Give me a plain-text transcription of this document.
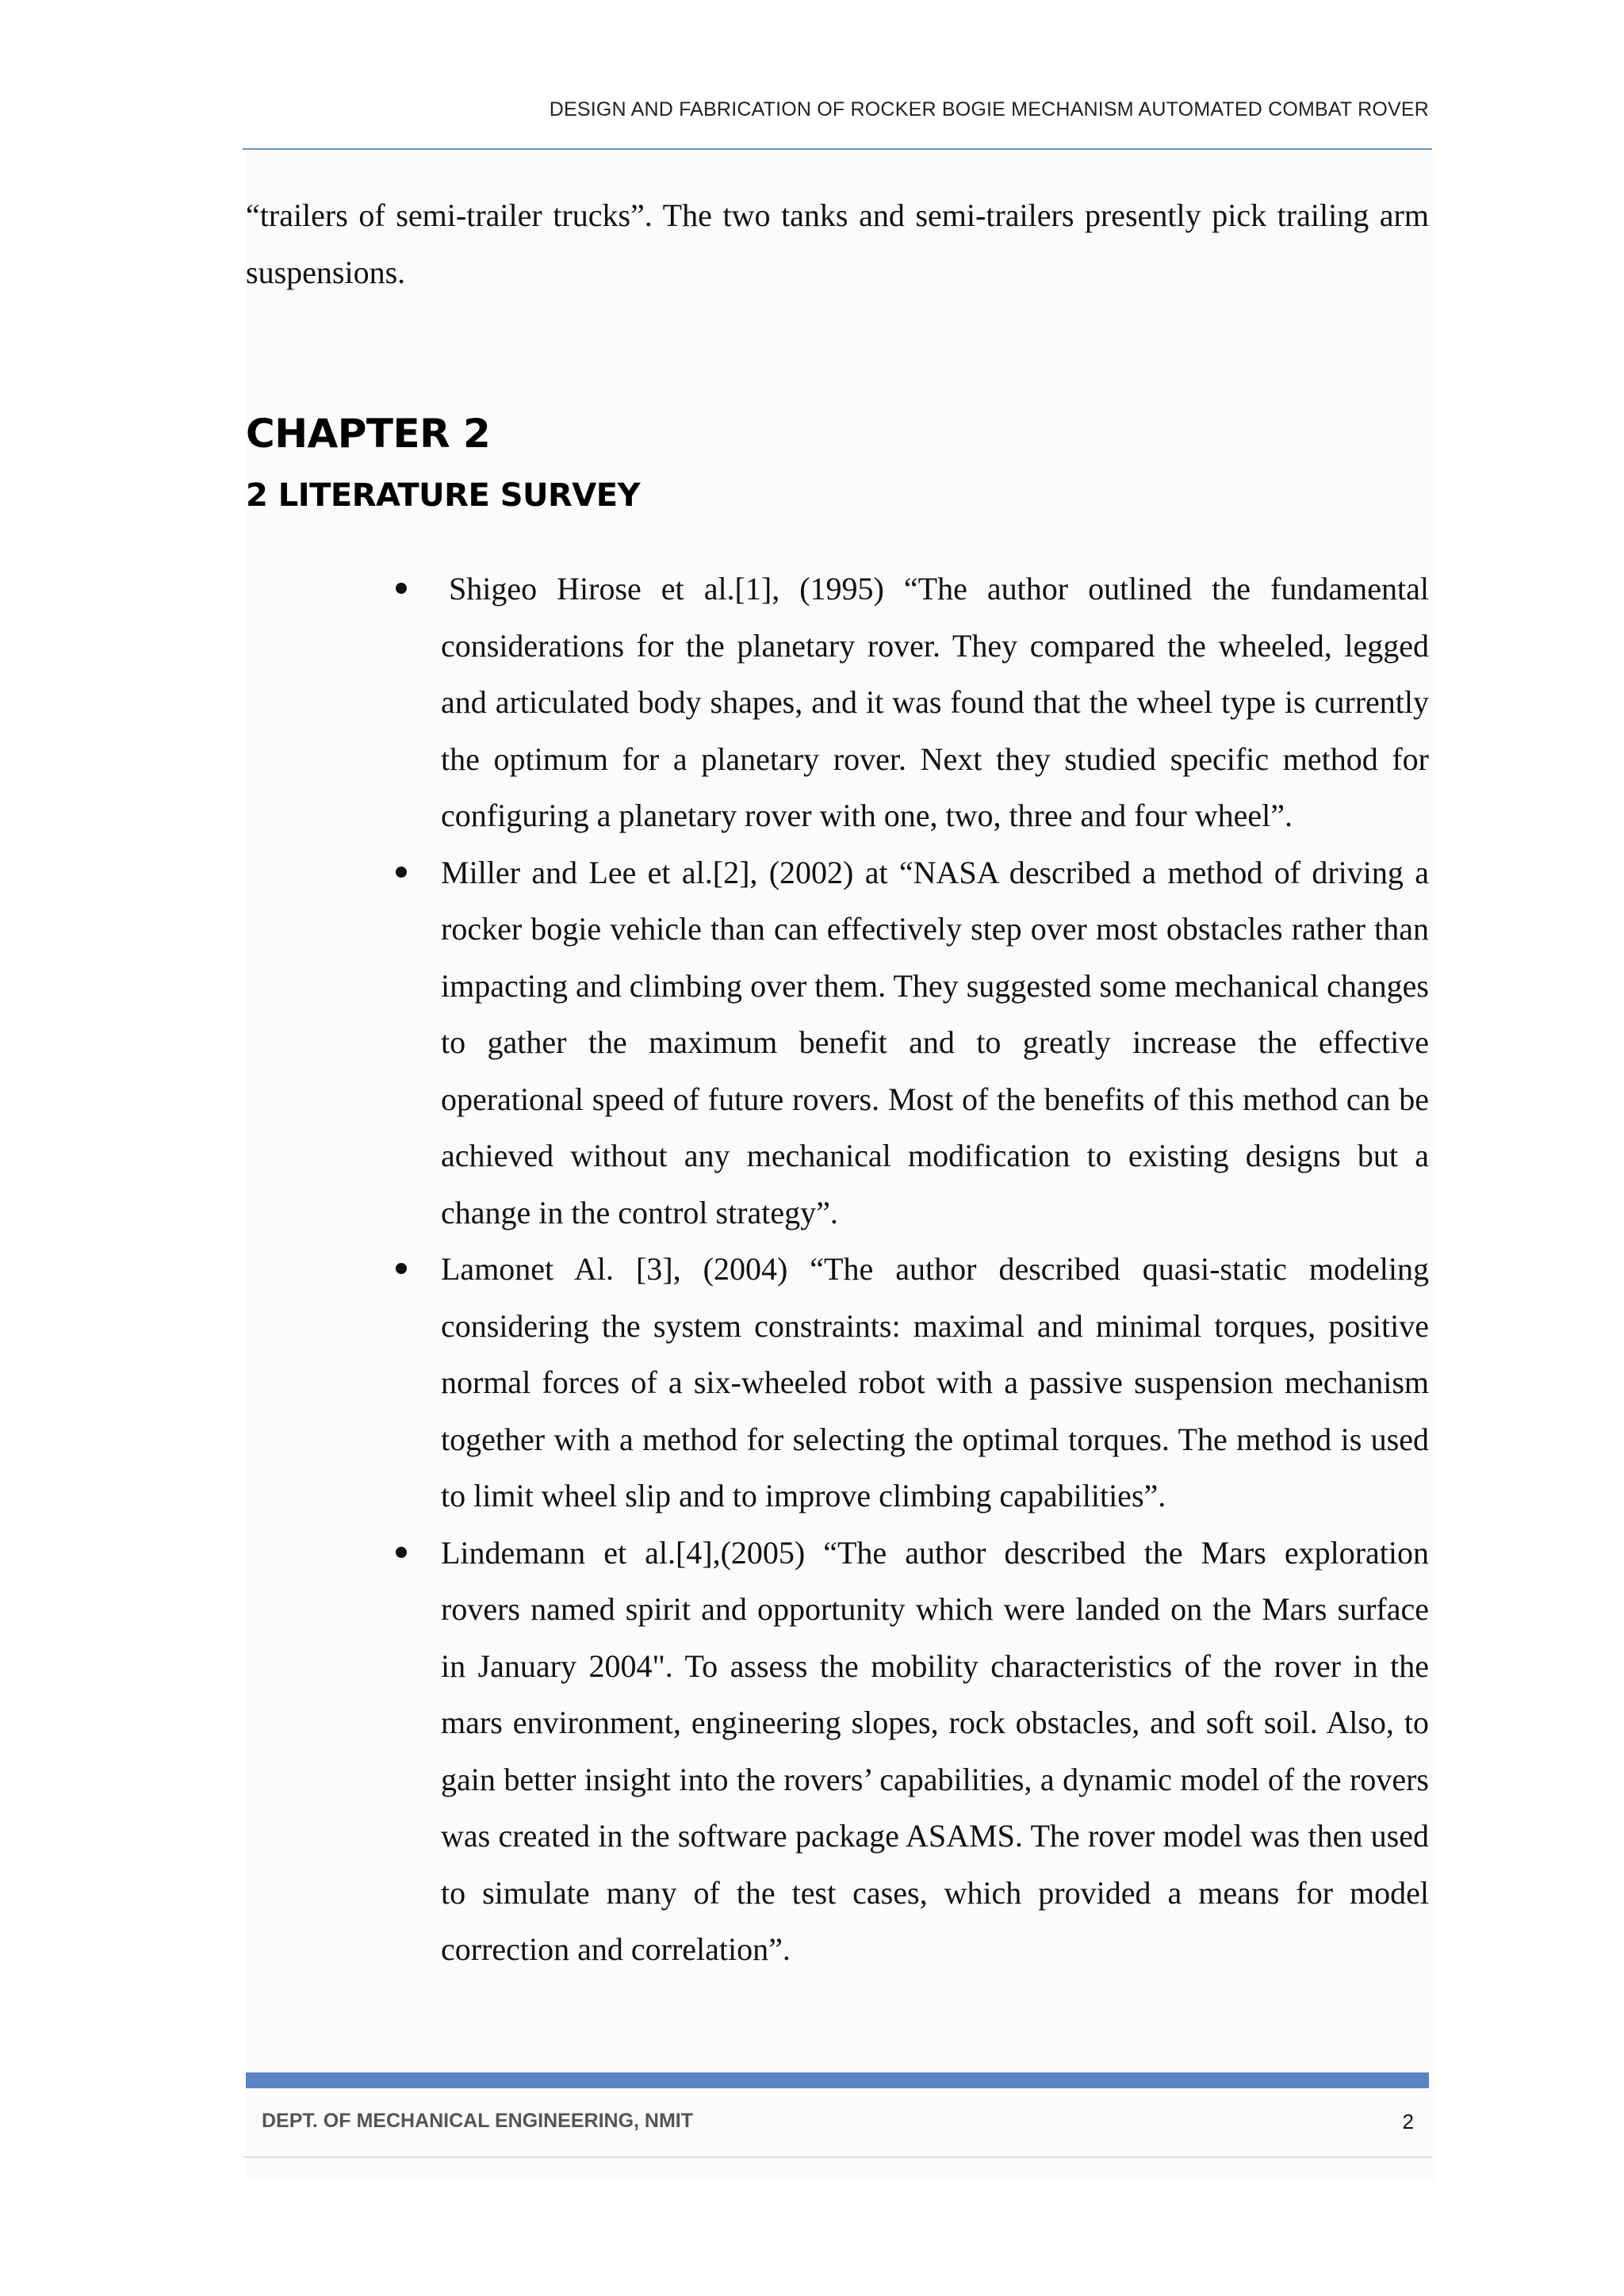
DESIGN AND FABRICATION OF ROCKER BOGIE MECHANISM AUTOMATED COMBAT ROVER

“trailers of semi-trailer trucks”. The two tanks and semi-trailers presently pick trailing arm suspensions.

CHAPTER 2
2 LITERATURE SURVEY
Shigeo Hirose et al.[1], (1995) “The author outlined the fundamental considerations for the planetary rover. They compared the wheeled, legged and articulated body shapes, and it was found that the wheel type is currently the optimum for a planetary rover. Next they studied specific method for configuring a planetary rover with one, two, three and four wheel”.
Miller and Lee et al.[2], (2002) at “NASA described a method of driving a rocker bogie vehicle than can effectively step over most obstacles rather than impacting and climbing over them. They suggested some mechanical changes to gather the maximum benefit and to greatly increase the effective operational speed of future rovers. Most of the benefits of this method can be achieved without any mechanical modification to existing designs but a change in the control strategy”.
Lamonet Al. [3], (2004) “The author described quasi-static modeling considering the system constraints: maximal and minimal torques, positive normal forces of a six-wheeled robot with a passive suspension mechanism together with a method for selecting the optimal torques. The method is used to limit wheel slip and to improve climbing capabilities”.
Lindemann et al.[4],(2005) “The author described the Mars exploration rovers named spirit and opportunity which were landed on the Mars surface in January 2004". To assess the mobility characteristics of the rover in the mars environment, engineering slopes, rock obstacles, and soft soil. Also, to gain better insight into the rovers’ capabilities, a dynamic model of the rovers was created in the software package ASAMS. The rover model was then used to simulate many of the test cases, which provided a means for model correction and correlation”.
DEPT. OF MECHANICAL ENGINEERING, NMIT	2
